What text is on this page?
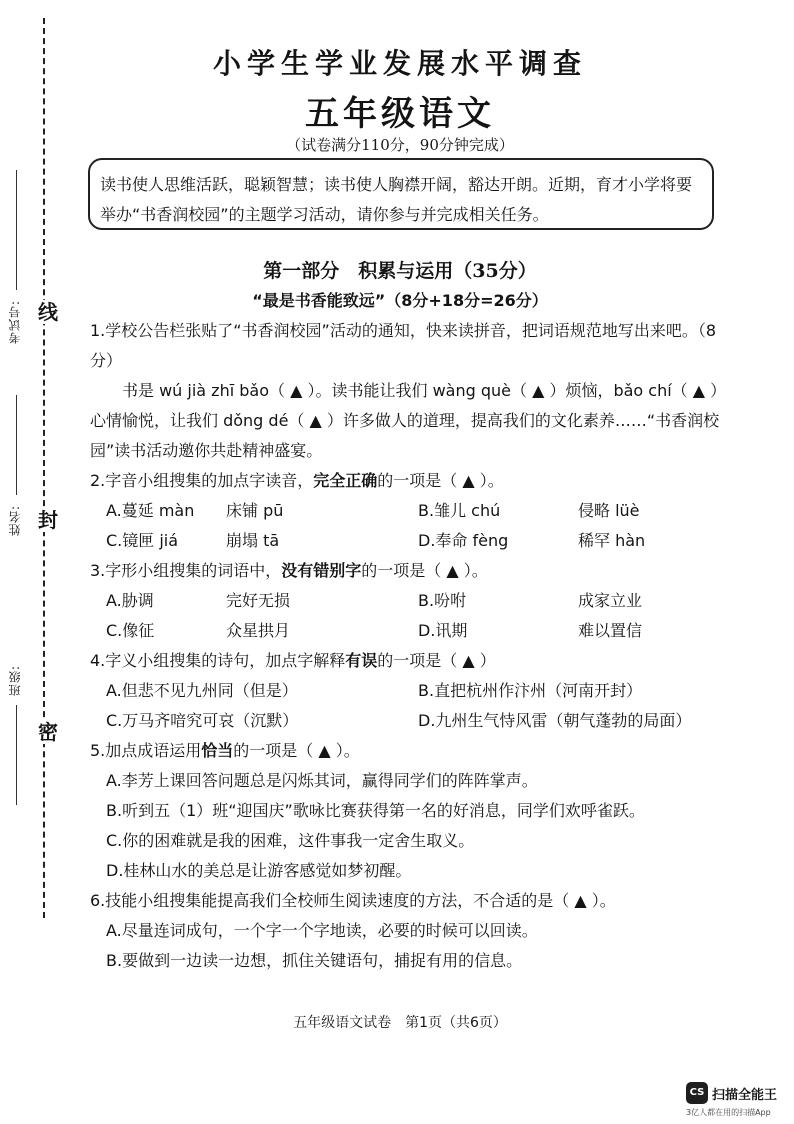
考试号:
姓名:
班级:
线
封
密
小学生学业发展水平调查
五年级语文
（试卷满分110分，90分钟完成）
读书使人思维活跃，聪颖智慧；读书使人胸襟开阔，豁达开朗。近期，育才小学将要举办“书香润校园”的主题学习活动，请你参与并完成相关任务。
第一部分　积累与运用（35分）
“最是书香能致远”（8分+18分=26分）

1.学校公告栏张贴了“书香润校园”活动的通知，快来读拼音，把词语规范地写出来吧。（8分）

书是 wú jià zhī bǎo（ ▲ ）。读书能让我们 wàng què（ ▲ ）烦恼，bǎo chí（ ▲ ）心情愉悦，让我们 dǒng dé（ ▲ ）许多做人的道理，提高我们的文化素养……“书香润校园”读书活动邀你共赴精神盛宴。

2.字音小组搜集的加点字读音，完全正确的一项是（ ▲ ）。

A.蔓延 màn	床铺 pū	B.雏儿 chú	侵略 lüè
C.镜匣 jiá	崩塌 tā	D.奉命 fèng	稀罕 hàn

3.字形小组搜集的词语中，没有错别字的一项是（ ▲ ）。

A.胁调	完好无损	B.吩咐	成家立业
C.像征	众星拱月	D.讯期	难以置信

4.字义小组搜集的诗句，加点字解释有误的一项是（ ▲ ）

A.但悲不见九州同（但是）	B.直把杭州作汴州（河南开封）
C.万马齐喑究可哀（沉默）	D.九州生气恃风雷（朝气蓬勃的局面）

5.加点成语运用恰当的一项是（ ▲ ）。

A.李芳上课回答问题总是闪烁其词，赢得同学们的阵阵掌声。
B.听到五（1）班“迎国庆”歌咏比赛获得第一名的好消息，同学们欢呼雀跃。
C.你的困难就是我的困难，这件事我一定舍生取义。
D.桂林山水的美总是让游客感觉如梦初醒。

6.技能小组搜集能提高我们全校师生阅读速度的方法，不合适的是（ ▲ ）。

A.尽量连词成句，一个字一个字地读，必要的时候可以回读。
B.要做到一边读一边想，抓住关键语句，捕捉有用的信息。
五年级语文试卷　第1页（共6页）
CS 扫描全能王
3亿人都在用的扫描App
